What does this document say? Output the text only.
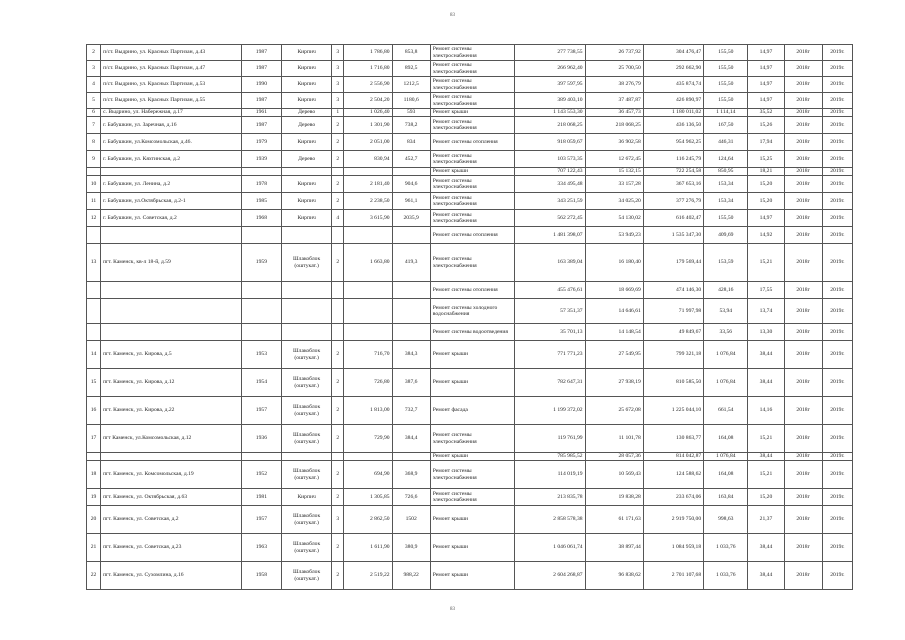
83
2	п/ст. Выдрино, ул. Красных Партизан, д.43	1987	Кирпич	3	1 786,80	853,8	Ремонт системы электроснабжения	277 738,55	26 737,92	304 476,47	155,50	14,97	2018г	2019г.
3	п/ст. Выдрино, ул. Красных Партизан, д.47	1987	Кирпич	3	1 716,80	892,5	Ремонт системы электроснабжения	266 962,40	25 700,50	292 662,90	155,50	14,97	2018г	2019г.
4	п/ст. Выдрино, ул. Красных Партизан, д.53	1990	Кирпич	3	2 556,90	1212,5	Ремонт системы электроснабжения	397 597,95	38 276,79	435 874,74	155,50	14,97	2018г	2019г.
5	п/ст. Выдрино, ул. Красных Партизан, д.55	1987	Кирпич	3	2 504,20	1180,6	Ремонт системы электроснабжения	389 403,10	37 487,87	426 890,97	155,50	14,97	2018г	2019г.
6	с. Выдрино, ул. Набережная, д.17	1961	Дерево	1	1 026,40	593	Ремонт крыши	1 143 553,30	36 457,73	1 180 011,02	1 114,14	35,52	2018г	2019г.
7	г. Бабушкин, ул. Заречная, д.16	1987	Дерево	2	1 301,90	738,2	Ремонт системы электроснабжения	218 068,25	218 068,25	436 136,50	167,50	15,26	2018г	2019г.
8	г. Бабушкин, ул.Комсомольская, д.46.	1979	Кирпич	2	2 051,00	834	Ремонт системы отопления	918 059,67	36 902,58	954 962,25	446,31	17,94	2018г	2019г.
9	г. Бабушкин, ул. Кяхтинская, д.2	1939	Дерево	2	830,94	452,7	Ремонт системы электроснабжения	103 573,35	12 672,45	116 245,79	124,64	15,25	2018г	2019г.
							Ремонт крыши	707 122,43	15 132,15	722 254,58	850,95	18,21	2018г	2019г.
10	г. Бабушкин, ул. Ленина, д.2	1978	Кирпич	2	2 181,40	904,6	Ремонт системы электроснабжения	334 495,48	33 157,28	367 653,16	153,34	15,20	2018г	2019г.
11	г. Бабушкин, ул.Октябрьская, д.2-1	1985	Кирпич	2	2 238,50	961,1	Ремонт системы электроснабжения	343 251,59	34 025,20	377 276,79	153,34	15,20	2018г	2019г.
12	г. Бабушкин, ул. Советская, д.2	1968	Кирпич	4	3 615,90	2035,9	Ремонт системы электроснабжения	562 272,45	54 130,02	616 402,47	155,50	14,97	2018г	2019г.
							Ремонт системы отопления	1 481 398,07	53 949,23	1 535 347,30	409,69	14,92	2018г	2019г.
13	пгт. Каменск, кв-л 18-й, д.59	1959	Шлакоблок (оштукат.)	2	1 663,80	419,3	Ремонт системы электроснабжения	163 389,04	16 180,40	179 569,44	153,59	15,21	2018г	2019г.
							Ремонт системы отопления	455 476,61	18 669,69	474 146,30	428,16	17,55	2018г	2019г.
							Ремонт системы холодного водоснабжения	57 351,37	14 646,61	71 997,98	53,94	13,74	2018г	2019г.
							Ремонт системы водоотведения	35 701,13	14 148,54	49 849,67	33,56	13,30	2018г	2019г.
14	пгт. Каменск, ул. Кирова, д.5	1953	Шлакоблок (оштукат.)	2	716,70	384,3	Ремонт крыши	771 771,23	27 549,95	799 321,18	1 076,84	38,44	2018г	2019г.
15	пгт. Каменск, ул. Кирова, д.12	1954	Шлакоблок (оштукат.)	2	726,80	387,6	Ремонт крыши	782 647,31	27 938,19	810 585,50	1 076,84	38,44	2018г	2019г.
16	пгт. Каменск, ул. Кирова, д.22	1957	Шлакоблок (оштукат.)	2	1 813,00	732,7	Ремонт фасада	1 199 372,02	25 672,08	1 225 044,10	661,54	14,16	2018г	2019г.
17	пгт Каменск, ул.Комсомольская, д.12	1936	Шлакоблок (оштукат.)	2	729,90	384,4	Ремонт системы электроснабжения	119 761,99	11 101,78	130 863,77	164,08	15,21	2018г	2019г.
							Ремонт крыши	785 985,52	28 057,36	814 042,87	1 076,84	38,44	2018г	2019г.
18	пгт. Каменск, ул. Комсомольская, д.19	1952	Шлакоблок (оштукат.)	2	694,90	368,9	Ремонт системы электроснабжения	114 019,19	10 569,43	124 588,62	164,08	15,21	2018г	2019г.
19	пгт. Каменск, ул. Октябрьская, д.63	1981	Кирпич	2	1 305,85	726,6	Ремонт системы электроснабжения	213 835,78	19 838,28	233 674,06	163,84	15,20	2018г	2019г.
20	пгт. Каменск, ул. Советская, д.2	1957	Шлакоблок (оштукат.)	3	2 862,50	1502	Ремонт крыши	2 858 578,38	61 171,63	2 919 750,00	998,63	21,37	2018г	2019г.
21	пгт. Каменск, ул. Советская, д.23	1963	Шлакоблок (оштукат.)	2	1 611,90	380,9	Ремонт крыши	1 046 061,74	38 897,44	1 084 959,18	1 033,76	38,44	2018г	2019г.
22	пгт. Каменск, ул. Сухомлина, д.16	1958	Шлакоблок (оштукат.)	2	2 519,22	988,22	Ремонт крыши	2 604 268,87	96 838,62	2 701 107,68	1 033,76	38,44	2018г	2019г.
83
